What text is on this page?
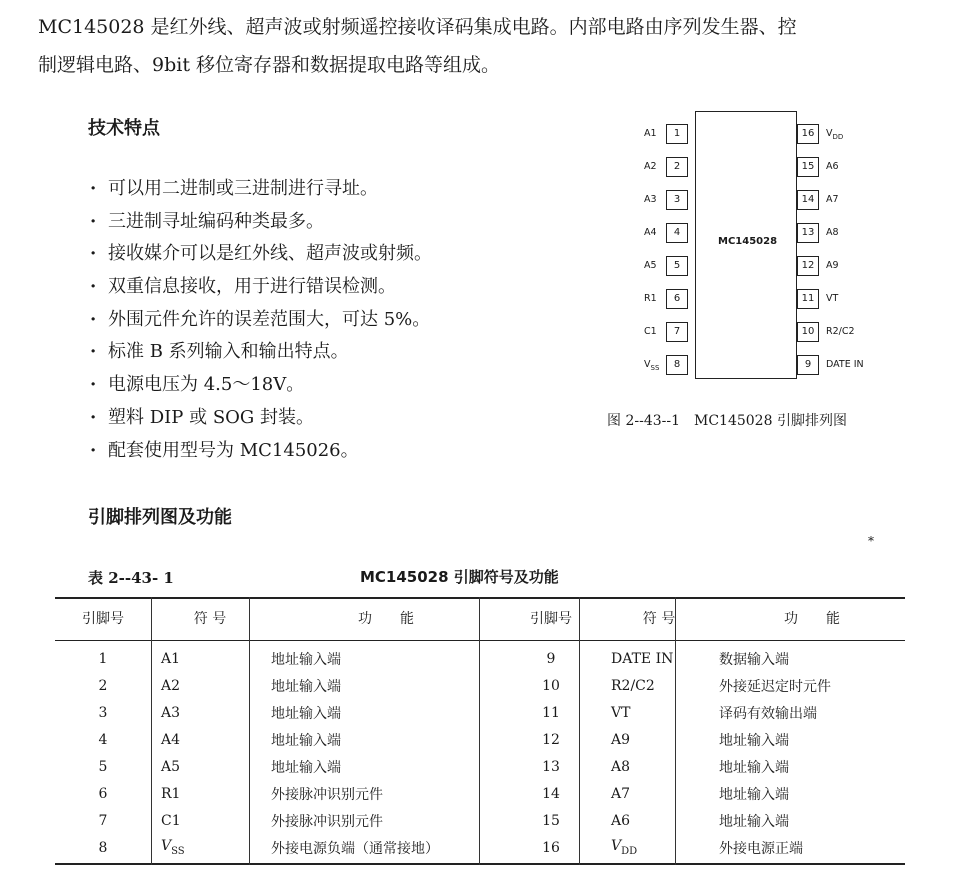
MC145028 是红外线、超声波或射频遥控接收译码集成电路。内部电路由序列发生器、控
制逻辑电路、9bit 移位寄存器和数据提取电路等组成。
技术特点
· 可以用二进制或三进制进行寻址。
· 三进制寻址编码种类最多。
· 接收媒介可以是红外线、超声波或射频。
· 双重信息接收，用于进行错误检测。
· 外围元件允许的误差范围大，可达 5%。
· 标准 B 系列输入和输出特点。
· 电源电压为 4.5～18V。
· 塑料 DIP 或 SOG 封装。
· 配套使用型号为 MC145026。
MC145028
1
A1
2
A2
3
A3
4
A4
5
A5
6
R1
7
C1
8
$V_{SS}$
16	$V_{DD}$
15	A6
14	A7
13	A8
12	A9
11	VT
10	R2/C2
9	DATE IN
图 2--43--1　MC145028 引脚排列图
引脚排列图及功能
*
表 2--43- 1	MC145028 引脚符号及功能
引脚号	符 号	功　　能	引脚号	符 号	功　　能
1	A1	地址输入端	9	DATE IN	数据输入端
2	A2	地址输入端	10	R2/C2	外接延迟定时元件
3	A3	地址输入端	11	VT	译码有效输出端
4	A4	地址输入端	12	A9	地址输入端
5	A5	地址输入端	13	A8	地址输入端
6	R1	外接脉冲识别元件	14	A7	地址输入端
7	C1	外接脉冲识别元件	15	A6	地址输入端
8	$V_{SS}$	外接电源负端（通常接地）	16	$V_{DD}$	外接电源正端
